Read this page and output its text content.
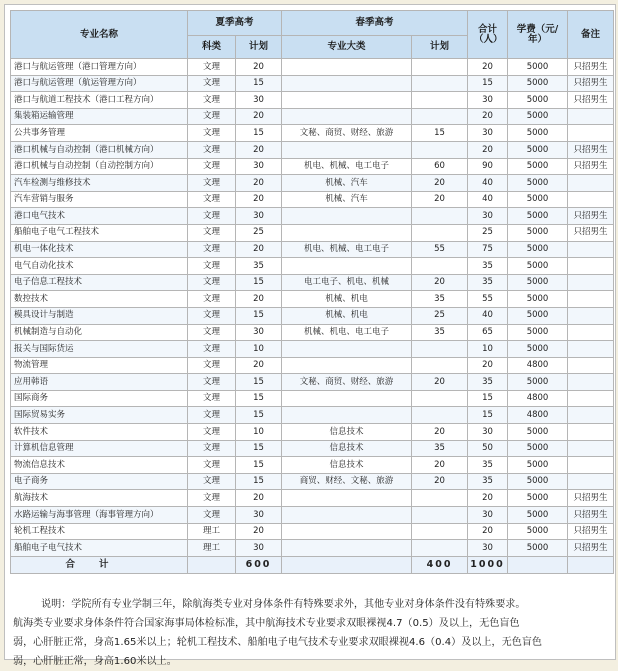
专业名称	夏季高考		春季高考		合计（人）	学费（元/年）	备注
	科类	计划	专业大类	计划			
港口与航运管理（港口管理方向）	文理	20			20	5000	只招男生
港口与航运管理（航运管理方向）	文理	15			15	5000	只招男生
港口与航道工程技术（港口工程方向）	文理	30			30	5000	只招男生
集装箱运输管理	文理	20			20	5000	
公共事务管理	文理	15	文秘、商贸、财经、旅游	15	30	5000	
港口机械与自动控制（港口机械方向）	文理	20			20	5000	只招男生
港口机械与自动控制（自动控制方向）	文理	30	机电、机械、电工电子	60	90	5000	只招男生
汽车检测与维修技术	文理	20	机械、汽车	20	40	5000	
汽车营销与服务	文理	20	机械、汽车	20	40	5000	
港口电气技术	文理	30			30	5000	只招男生
船舶电子电气工程技术	文理	25			25	5000	只招男生
机电一体化技术	文理	20	机电、机械、电工电子	55	75	5000	
电气自动化技术	文理	35			35	5000	
电子信息工程技术	文理	15	电工电子、机电、机械	20	35	5000	
数控技术	文理	20	机械、机电	35	55	5000	
模具设计与制造	文理	15	机械、机电	25	40	5000	
机械制造与自动化	文理	30	机械、机电、电工电子	35	65	5000	
报关与国际货运	文理	10			10	5000	
物流管理	文理	20			20	4800	
应用韩语	文理	15	文秘、商贸、财经、旅游	20	35	5000	
国际商务	文理	15			15	4800	
国际贸易实务	文理	15			15	4800	
软件技术	文理	10	信息技术	20	30	5000	
计算机信息管理	文理	15	信息技术	35	50	5000	
物流信息技术	文理	15	信息技术	20	35	5000	
电子商务	文理	15	商贸、财经、文秘、旅游	20	35	5000	
航海技术	文理	20			20	5000	只招男生
水路运输与海事管理（海事管理方向）	文理	30			30	5000	只招男生
轮机工程技术	理工	20			20	5000	只招男生
船舶电子电气技术	理工	30			30	5000	只招男生
合计		600		400	1000		

说明：学院所有专业学制三年，除航海类专业对身体条件有特殊要求外，其他专业对身体条件没有特殊要求。

航海类专业要求身体条件符合国家海事局体检标准，其中航海技术专业要求双眼裸视4.7（0.5）及以上，无色盲色

弱，心肝脏正常，身高1.65米以上；轮机工程技术、船舶电子电气技术专业要求双眼裸视4.6（0.4）及以上，无色盲色

弱，心肝脏正常，身高1.60米以上。
